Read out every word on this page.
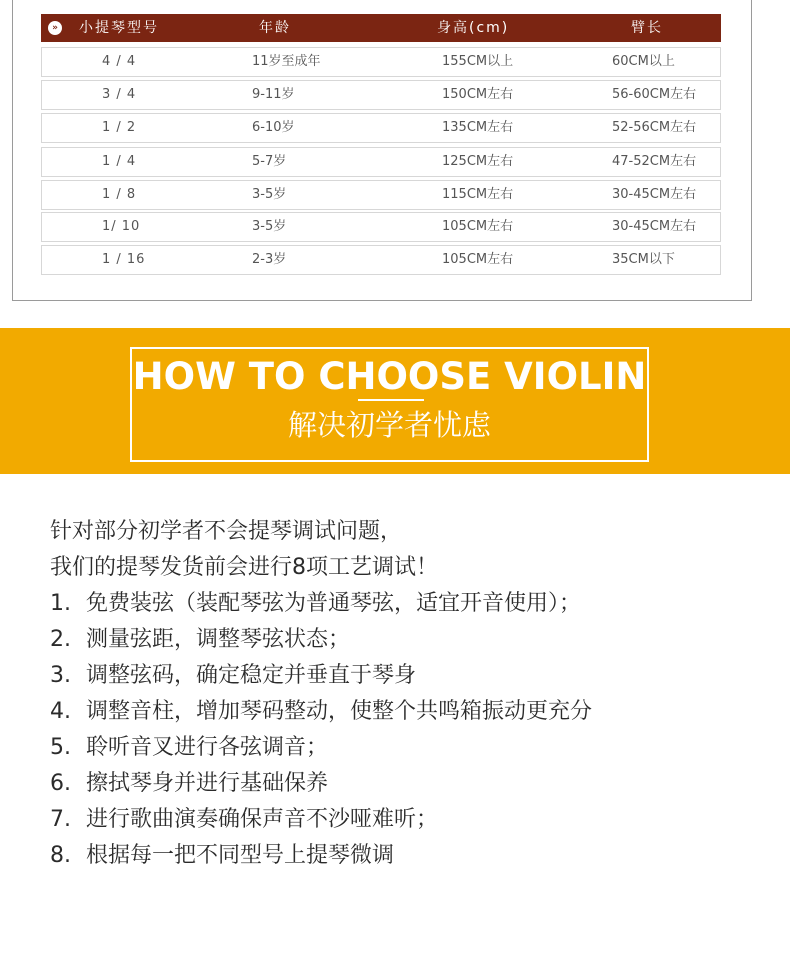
» 小提琴型号	年龄	身高(cm)	臂长
4 / 4	11岁至成年	155CM以上	60CM以上
3 / 4	9-11岁	150CM左右	56-60CM左右
1 / 2	6-10岁	135CM左右	52-56CM左右
1 / 4	5-7岁	125CM左右	47-52CM左右
1 / 8	3-5岁	115CM左右	30-45CM左右
1/ 10	3-5岁	105CM左右	30-45CM左右
1 / 16	2-3岁	105CM左右	35CM以下
HOW TO CHOOSE VIOLIN
解决初学者忧虑
针对部分初学者不会提琴调试问题，
我们的提琴发货前会进行8项工艺调试！
1. 免费装弦（装配琴弦为普通琴弦，适宜开音使用）；
2. 测量弦距，调整琴弦状态；
3. 调整弦码，确定稳定并垂直于琴身
4. 调整音柱，增加琴码整动，使整个共鸣箱振动更充分
5. 聆听音叉进行各弦调音；
6. 擦拭琴身并进行基础保养
7. 进行歌曲演奏确保声音不沙哑难听；
8. 根据每一把不同型号上提琴微调
